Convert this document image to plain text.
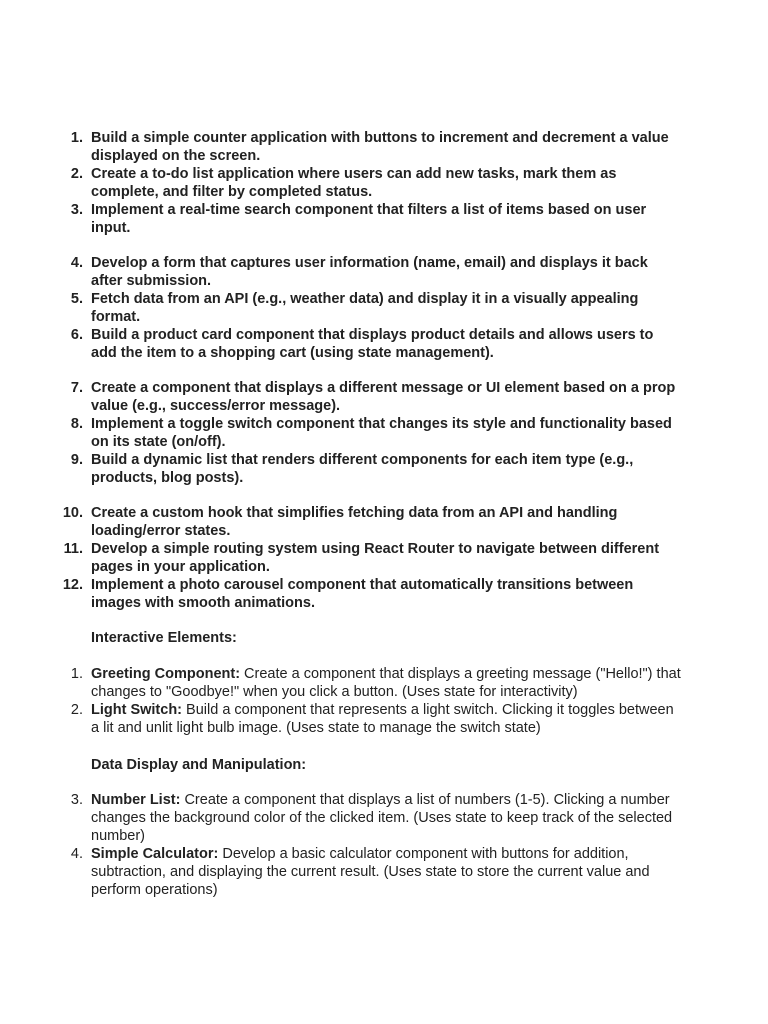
1. Build a simple counter application with buttons to increment and decrement a value displayed on the screen.
2. Create a to-do list application where users can add new tasks, mark them as complete, and filter by completed status.
3. Implement a real-time search component that filters a list of items based on user input.
4. Develop a form that captures user information (name, email) and displays it back after submission.
5. Fetch data from an API (e.g., weather data) and display it in a visually appealing format.
6. Build a product card component that displays product details and allows users to add the item to a shopping cart (using state management).
7. Create a component that displays a different message or UI element based on a prop value (e.g., success/error message).
8. Implement a toggle switch component that changes its style and functionality based on its state (on/off).
9. Build a dynamic list that renders different components for each item type (e.g., products, blog posts).
10. Create a custom hook that simplifies fetching data from an API and handling loading/error states.
11. Develop a simple routing system using React Router to navigate between different pages in your application.
12. Implement a photo carousel component that automatically transitions between images with smooth animations.
Interactive Elements:
1. Greeting Component: Create a component that displays a greeting message ("Hello!") that changes to "Goodbye!" when you click a button. (Uses state for interactivity)
2. Light Switch: Build a component that represents a light switch. Clicking it toggles between a lit and unlit light bulb image. (Uses state to manage the switch state)
Data Display and Manipulation:
3. Number List: Create a component that displays a list of numbers (1-5). Clicking a number changes the background color of the clicked item. (Uses state to keep track of the selected number)
4. Simple Calculator: Develop a basic calculator component with buttons for addition, subtraction, and displaying the current result. (Uses state to store the current value and perform operations)
